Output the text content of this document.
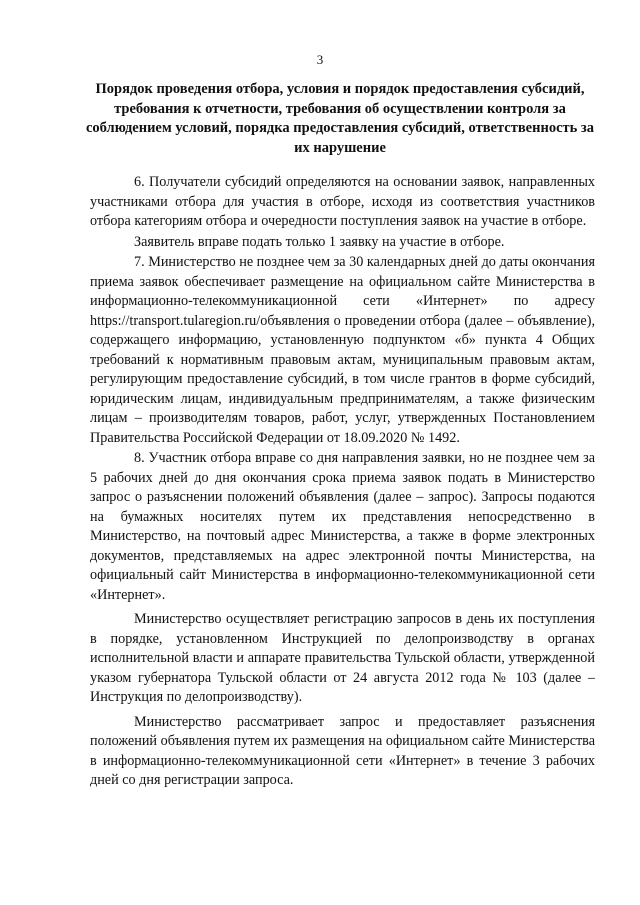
3
Порядок проведения отбора, условия и порядок предоставления субсидий, требования к отчетности, требования об осуществлении контроля за соблюдением условий, порядка предоставления субсидий, ответственность за их нарушение

6. Получатели субсидий определяются на основании заявок, направленных участниками отбора для участия в отборе, исходя из соответствия участников отбора категориям отбора и очередности поступления заявок на участие в отборе.

Заявитель вправе подать только 1 заявку на участие в отборе.

7. Министерство не позднее чем за 30 календарных дней до даты окончания приема заявок обеспечивает размещение на официальном сайте Министерства в информационно-телекоммуникационной сети «Интернет» по адресу https://transport.tularegion.ru/объявления о проведении отбора (далее – объявление), содержащего информацию, установленную подпунктом «б» пункта 4 Общих требований к нормативным правовым актам, муниципальным правовым актам, регулирующим предоставление субсидий, в том числе грантов в форме субсидий, юридическим лицам, индивидуальным предпринимателям, а также физическим лицам – производителям товаров, работ, услуг, утвержденных Постановлением Правительства Российской Федерации от 18.09.2020 № 1492.

8. Участник отбора вправе со дня направления заявки, но не позднее чем за 5 рабочих дней до дня окончания срока приема заявок подать в Министерство запрос о разъяснении положений объявления (далее – запрос). Запросы подаются на бумажных носителях путем их представления непосредственно в Министерство, на почтовый адрес Министерства, а также в форме электронных документов, представляемых на адрес электронной почты Министерства, на официальный сайт Министерства в информационно-телекоммуникационной сети «Интернет».

Министерство осуществляет регистрацию запросов в день их поступления в порядке, установленном Инструкцией по делопроизводству в органах исполнительной власти и аппарате правительства Тульской области, утвержденной указом губернатора Тульской области от 24 августа 2012 года № 103 (далее – Инструкция по делопроизводству).

Министерство рассматривает запрос и предоставляет разъяснения положений объявления путем их размещения на официальном сайте Министерства в информационно-телекоммуникационной сети «Интернет» в течение 3 рабочих дней со дня регистрации запроса.
